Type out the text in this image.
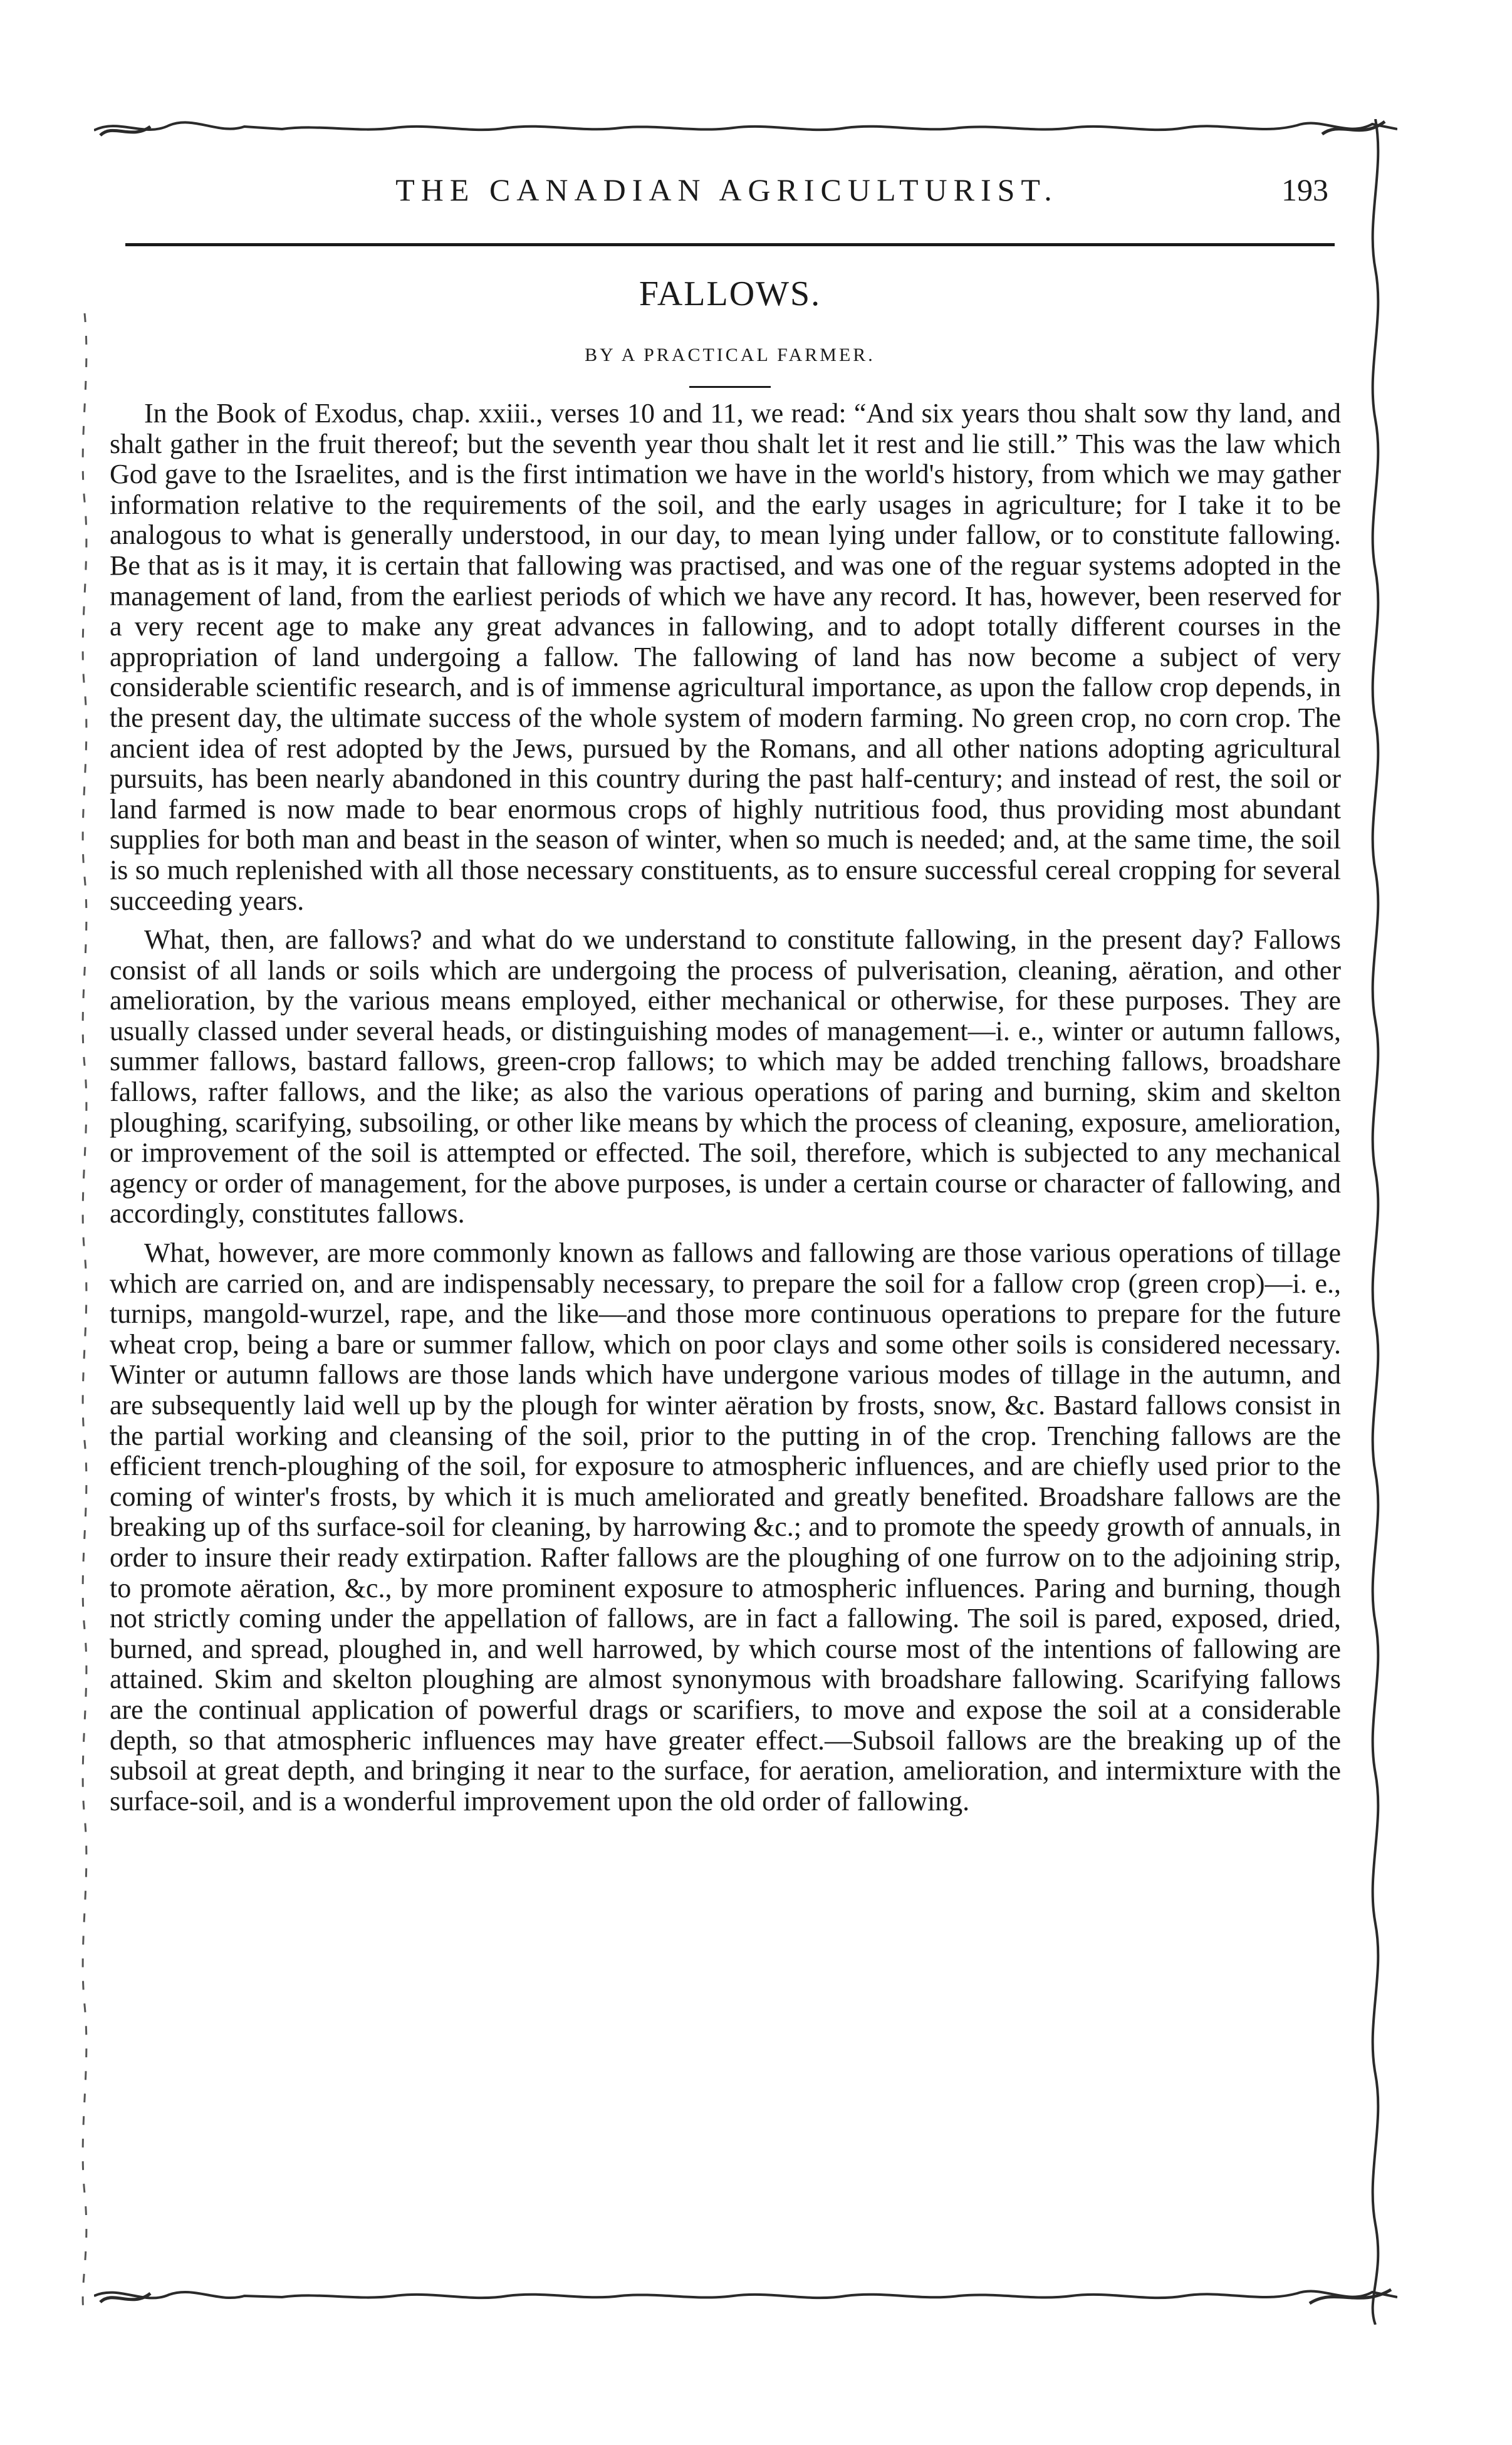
THE CANADIAN AGRICULTURIST.	193
FALLOWS.
BY A PRACTICAL FARMER.

In the Book of Exodus, chap. xxiii., verses 10 and 11, we read: “And six years thou shalt sow thy land, and shalt gather in the fruit thereof; but the seventh year thou shalt let it rest and lie still.” This was the law which God gave to the Israelites, and is the first intimation we have in the world's history, from which we may gather information relative to the requirements of the soil, and the early usages in agriculture; for I take it to be analogous to what is generally understood, in our day, to mean lying under fallow, or to constitute fallowing. Be that as is it may, it is certain that fallowing was practised, and was one of the reguar systems adopted in the management of land, from the earliest periods of which we have any record. It has, however, been reserved for a very recent age to make any great advances in fallowing, and to adopt totally different courses in the appropriation of land undergoing a fallow. The fallowing of land has now become a subject of very considerable scientific research, and is of immense agricultural importance, as upon the fallow crop depends, in the present day, the ultimate success of the whole system of modern farming. No green crop, no corn crop. The ancient idea of rest adopted by the Jews, pursued by the Romans, and all other nations adopting agricultural pursuits, has been nearly abandoned in this country during the past half-century; and instead of rest, the soil or land farmed is now made to bear enormous crops of highly nutritious food, thus providing most abundant supplies for both man and beast in the season of winter, when so much is needed; and, at the same time, the soil is so much replenished with all those necessary constituents, as to ensure successful cereal cropping for several succeeding years.

What, then, are fallows? and what do we understand to constitute fallowing, in the present day? Fallows consist of all lands or soils which are undergoing the process of pulverisation, cleaning, aëration, and other amelioration, by the various means employed, either mechanical or otherwise, for these purposes. They are usually classed under several heads, or distinguishing modes of management—i. e., winter or autumn fallows, summer fallows, bastard fallows, green-crop fallows; to which may be added trenching fallows, broadshare fallows, rafter fallows, and the like; as also the various operations of paring and burning, skim and skelton ploughing, scarifying, subsoiling, or other like means by which the process of cleaning, exposure, amelioration, or improvement of the soil is attempted or effected. The soil, therefore, which is subjected to any mechanical agency or order of management, for the above purposes, is under a certain course or character of fallowing, and accordingly, constitutes fallows.

What, however, are more commonly known as fallows and fallowing are those various operations of tillage which are carried on, and are indispensably necessary, to prepare the soil for a fallow crop (green crop)—i. e., turnips, mangold-wurzel, rape, and the like—and those more continuous operations to prepare for the future wheat crop, being a bare or summer fallow, which on poor clays and some other soils is considered necessary. Winter or autumn fallows are those lands which have undergone various modes of tillage in the autumn, and are subsequently laid well up by the plough for winter aëration by frosts, snow, &c. Bastard fallows consist in the partial working and cleansing of the soil, prior to the putting in of the crop. Trenching fallows are the efficient trench-ploughing of the soil, for exposure to atmospheric influences, and are chiefly used prior to the coming of winter's frosts, by which it is much ameliorated and greatly benefited. Broadshare fallows are the breaking up of ths surface-soil for cleaning, by harrowing &c.; and to promote the speedy growth of annuals, in order to insure their ready extirpation. Rafter fallows are the ploughing of one furrow on to the adjoining strip, to promote aëration, &c., by more prominent exposure to atmospheric influences. Paring and burning, though not strictly coming under the appellation of fallows, are in fact a fallowing. The soil is pared, exposed, dried, burned, and spread, ploughed in, and well harrowed, by which course most of the intentions of fallowing are attained. Skim and skelton ploughing are almost synonymous with broadshare fallowing. Scarifying fallows are the continual application of powerful drags or scarifiers, to move and expose the soil at a considerable depth, so that atmospheric influences may have greater effect.—Subsoil fallows are the breaking up of the subsoil at great depth, and bringing it near to the surface, for aeration, amelioration, and intermixture with the surface-soil, and is a wonderful improvement upon the old order of fallowing.
